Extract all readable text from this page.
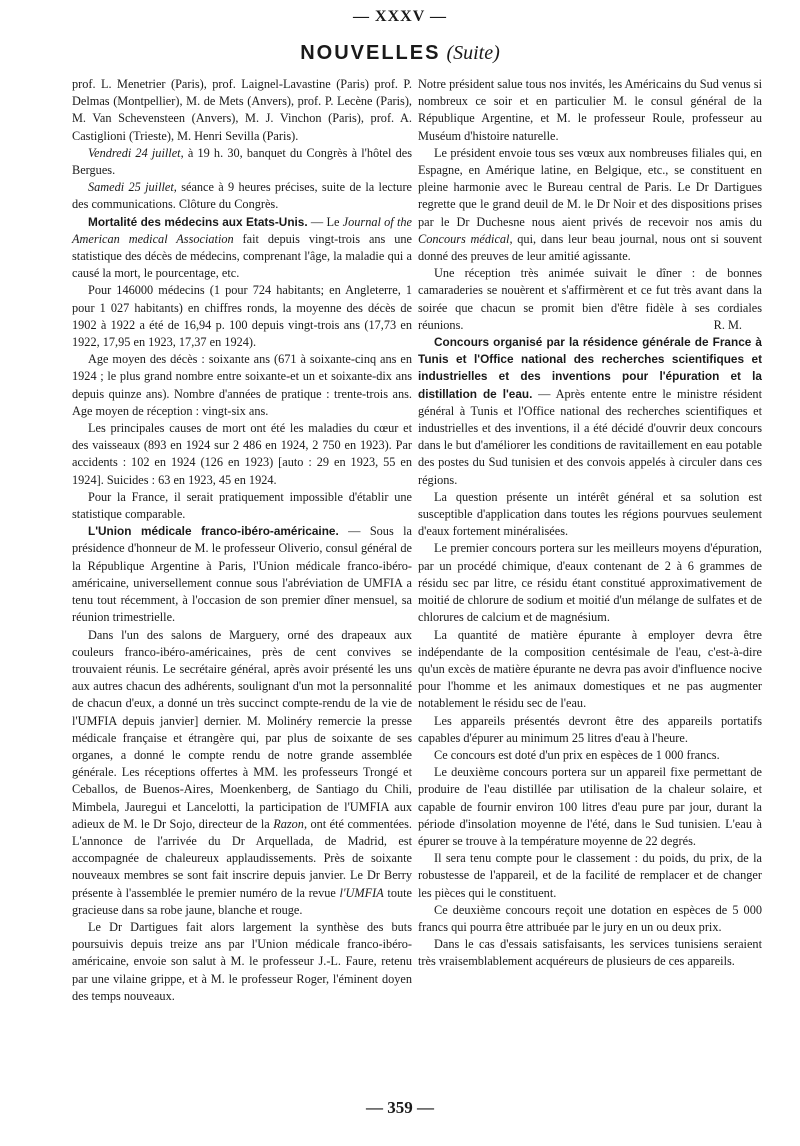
— XXXV —
NOUVELLES (Suite)

prof. L. Menetrier (Paris), prof. Laignel-Lavastine (Paris) prof. P. Delmas (Montpellier), M. de Mets (Anvers), prof. P. Lecène (Paris), M. Van Schevensteen (Anvers), M. J. Vinchon (Paris), prof. A. Castiglioni (Trieste), M. Henri Sevilla (Paris).

Vendredi 24 juillet, à 19 h. 30, banquet du Congrès à l'hôtel des Bergues.

Samedi 25 juillet, séance à 9 heures précises, suite de la lecture des communications. Clôture du Congrès.

Mortalité des médecins aux Etats-Unis. — Le Journal of the American medical Association fait depuis vingt-trois ans une statistique des décès de médecins, comprenant l'âge, la maladie qui a causé la mort, le pourcentage, etc.

Pour 146000 médecins (1 pour 724 habitants; en Angleterre, 1 pour 1 027 habitants) en chiffres ronds, la moyenne des décès de 1902 à 1922 a été de 16,94 p. 100 depuis vingt-trois ans (17,73 en 1922, 17,95 en 1923, 17,37 en 1924).

Age moyen des décès : soixante ans (671 à soixante-cinq ans en 1924 ; le plus grand nombre entre soixante-et un et soixante-dix ans depuis quinze ans). Nombre d'années de pratique : trente-trois ans. Age moyen de réception : vingt-six ans.

Les principales causes de mort ont été les maladies du cœur et des vaisseaux (893 en 1924 sur 2 486 en 1924, 2 750 en 1923). Par accidents : 102 en 1924 (126 en 1923) [auto : 29 en 1923, 55 en 1924]. Suicides : 63 en 1923, 45 en 1924.

Pour la France, il serait pratiquement impossible d'établir une statistique comparable.

L'Union médicale franco-ibéro-américaine. — Sous la présidence d'honneur de M. le professeur Oliverio, consul général de la République Argentine à Paris, l'Union médicale franco-ibéro-américaine, universellement connue sous l'abréviation de UMFIA a tenu tout récemment, à l'occasion de son premier dîner mensuel, sa réunion trimestrielle.

Dans l'un des salons de Marguery, orné des drapeaux aux couleurs franco-ibéro-américaines, près de cent convives se trouvaient réunis. Le secrétaire général, après avoir présenté les uns aux autres chacun des adhérents, soulignant d'un mot la personnalité de chacun d'eux, a donné un très succinct compte-rendu de la vie de l'UMFIA depuis janvier] dernier. M. Molinéry remercie la presse médicale française et étrangère qui, par plus de soixante de ses organes, a donné le compte rendu de notre grande assemblée générale. Les réceptions offertes à MM. les professeurs Trongé et Ceballos, de Buenos-Aires, Moenkenberg, de Santiago du Chili, Mimbela, Jauregui et Lancelotti, la participation de l'UMFIA aux adieux de M. le Dr Sojo, directeur de la Razon, ont été commentées. L'annonce de l'arrivée du Dr Arquellada, de Madrid, est accompagnée de chaleureux applaudissements. Près de soixante nouveaux membres se sont fait inscrire depuis janvier. Le Dr Berry présente à l'assemblée le premier numéro de la revue l'UMFIA toute gracieuse dans sa robe jaune, blanche et rouge.

Le Dr Dartigues fait alors largement la synthèse des buts poursuivis depuis treize ans par l'Union médicale franco-ibéro-américaine, envoie son salut à M. le professeur J.-L. Faure, retenu par une vilaine grippe, et à M. le professeur Roger, l'éminent doyen des temps nouveaux.

Notre président salue tous nos invités, les Américains du Sud venus si nombreux ce soir et en particulier M. le consul général de la République Argentine, et M. le professeur Roule, professeur au Muséum d'histoire naturelle.

Le président envoie tous ses vœux aux nombreuses filiales qui, en Espagne, en Amérique latine, en Belgique, etc., se constituent en pleine harmonie avec le Bureau central de Paris. Le Dr Dartigues regrette que le grand deuil de M. le Dr Noir et des dispositions prises par le Dr Duchesne nous aient privés de recevoir nos amis du Concours médical, qui, dans leur beau journal, nous ont si souvent donné des preuves de leur amitié agissante.

Une réception très animée suivait le dîner : de bonnes camaraderies se nouèrent et s'affirmèrent et ce fut très avant dans la soirée que chacun se promit bien d'être fidèle à ses cordiales réunions.	R. M.

Concours organisé par la résidence générale de France à Tunis et l'Office national des recherches scientifiques et industrielles et des inventions pour l'épuration et la distillation de l'eau. — Après entente entre le ministre résident général à Tunis et l'Office national des recherches scientifiques et industrielles et des inventions, il a été décidé d'ouvrir deux concours dans le but d'améliorer les conditions de ravitaillement en eau potable des postes du Sud tunisien et des convois appelés à circuler dans ces régions.

La question présente un intérêt général et sa solution est susceptible d'application dans toutes les régions pourvues seulement d'eaux fortement minéralisées.

Le premier concours portera sur les meilleurs moyens d'épuration, par un procédé chimique, d'eaux contenant de 2 à 6 grammes de résidu sec par litre, ce résidu étant constitué approximativement de moitié de chlorure de sodium et moitié d'un mélange de sulfates et de chlorures de calcium et de magnésium.

La quantité de matière épurante à employer devra être indépendante de la composition centésimale de l'eau, c'est-à-dire qu'un excès de matière épurante ne devra pas avoir d'influence nocive pour l'homme et les animaux domestiques et ne pas augmenter notablement le résidu sec de l'eau.

Les appareils présentés devront être des appareils portatifs capables d'épurer au minimum 25 litres d'eau à l'heure.

Ce concours est doté d'un prix en espèces de 1 000 francs.

Le deuxième concours portera sur un appareil fixe permettant de produire de l'eau distillée par utilisation de la chaleur solaire, et capable de fournir environ 100 litres d'eau pure par jour, durant la période d'insolation moyenne de l'été, dans le Sud tunisien. L'eau à épurer se trouve à la température moyenne de 22 degrés.

Il sera tenu compte pour le classement : du poids, du prix, de la robustesse de l'appareil, et de la facilité de remplacer et de changer les pièces qui le constituent.

Ce deuxième concours reçoit une dotation en espèces de 5 000 francs qui pourra être attribuée par le jury en un ou deux prix.

Dans le cas d'essais satisfaisants, les services tunisiens seraient très vraisemblablement acquéreurs de plusieurs de ces appareils.

— 359 —
